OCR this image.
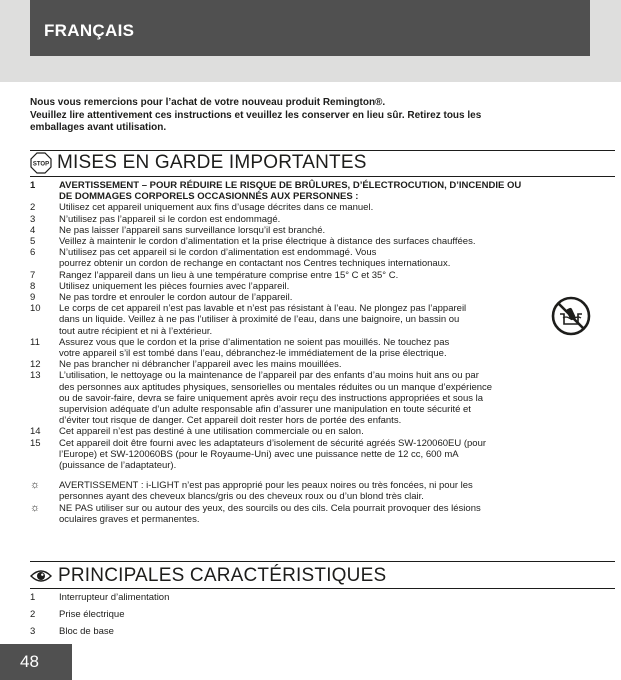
FRANÇAIS
Nous vous remercions pour l’achat de votre nouveau produit Remington®.
Veuillez lire attentivement ces instructions et veuillez les conserver en lieu sûr. Retirez tous les
emballages avant utilisation.
STOP MISES EN GARDE IMPORTANTES
1	AVERTISSEMENT – POUR RÉDUIRE LE RISQUE DE BRÛLURES, D’ÉLECTROCUTION, D’INCENDIE OU
DE DOMMAGES CORPORELS OCCASIONNÉS AUX PERSONNES :
2	Utilisez cet appareil uniquement aux fins d’usage décrites dans ce manuel.
3	N’utilisez pas l’appareil si le cordon est endommagé.
4	Ne pas laisser l’appareil sans surveillance lorsqu’il est branché.
5	Veillez à maintenir le cordon d’alimentation et la prise électrique à distance des surfaces chauffées.
6	N’utilisez pas cet appareil si le cordon d’alimentation est endommagé. Vous
pourrez obtenir un cordon de rechange en contactant nos Centres techniques internationaux.
7	Rangez l’appareil dans un lieu à une température comprise entre 15° C et 35° C.
8	Utilisez uniquement les pièces fournies avec l’appareil.
9	Ne pas tordre et enrouler le cordon autour de l’appareil.
10	Le corps de cet appareil n’est pas lavable et n’est pas résistant à l’eau. Ne plongez pas l’appareil
dans un liquide. Veillez à ne pas l’utiliser à proximité de l’eau, dans une baignoire, un bassin ou
tout autre récipient et ni à l’extérieur.
11	Assurez vous que le cordon et la prise d’alimentation ne soient pas mouillés. Ne touchez pas
votre appareil s’il est tombé dans l’eau, débranchez-le immédiatement de la prise électrique.
12	Ne pas brancher ni débrancher l’appareil avec les mains mouillées.
13	L’utilisation, le nettoyage ou la maintenance de l’appareil par des enfants d’au moins huit ans ou par
des personnes aux aptitudes physiques, sensorielles ou mentales réduites ou un manque d’expérience
ou de savoir-faire, devra se faire uniquement après avoir reçu des instructions appropriées et sous la
supervision adéquate d’un adulte responsable afin d’assurer une manipulation en toute sécurité et
d’éviter tout risque de danger. Cet appareil doit rester hors de portée des enfants.
14	Cet appareil n’est pas destiné à une utilisation commerciale ou en salon.
15	Cet appareil doit être fourni avec les adaptateurs d’isolement de sécurité agréés SW-120060EU (pour
l’Europe) et SW-120060BS (pour le Royaume-Uni) avec une puissance nette de 12 cc, 600 mA
(puissance de l’adaptateur).
☼	AVERTISSEMENT : i-LIGHT n’est pas approprié pour les peaux noires ou très foncées, ni pour les
personnes ayant des cheveux blancs/gris ou des cheveux roux ou d’un blond très clair.
☼	NE PAS utiliser sur ou autour des yeux, des sourcils ou des cils. Cela pourrait provoquer des lésions
oculaires graves et permanentes.
PRINCIPALES CARACTÉRISTIQUES
1	Interrupteur d’alimentation
2	Prise électrique
3	Bloc de base
48
